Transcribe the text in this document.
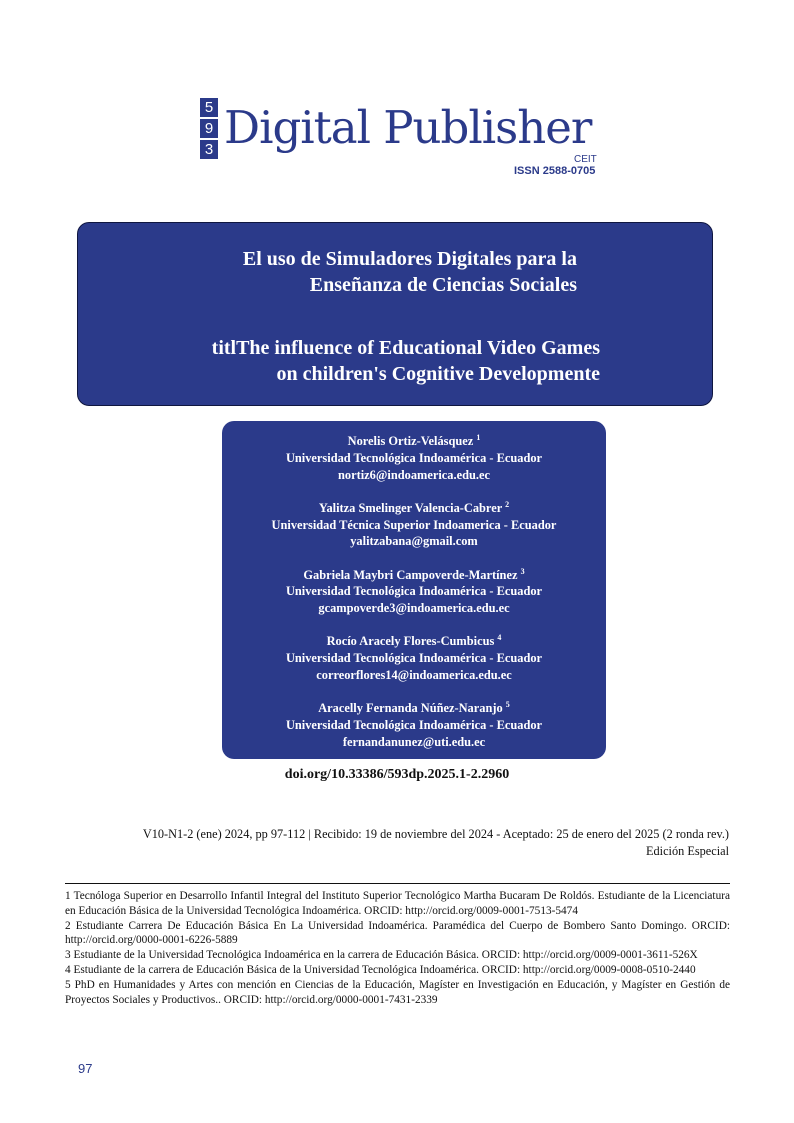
5
9
3 Digital Publisher
CEIT
ISSN 2588-0705
El uso de Simuladores Digitales para la
Enseñanza de Ciencias Sociales
titlThe influence of Educational Video Games
on children's Cognitive Developmente
Norelis Ortiz-Velásquez $^1$
Universidad Tecnológica Indoamérica - Ecuador
nortiz6@indoamerica.edu.ec
Yalitza Smelinger Valencia-Cabrer $^2$
Universidad Técnica Superior Indoamerica - Ecuador
yalitzabana@gmail.com
Gabriela Maybri Campoverde-Martínez $^3$
Universidad Tecnológica Indoamérica - Ecuador
gcampoverde3@indoamerica.edu.ec
Rocío Aracely Flores-Cumbicus $^4$
Universidad Tecnológica Indoamérica - Ecuador
correorflores14@indoamerica.edu.ec
Aracelly Fernanda Núñez-Naranjo $^5$
Universidad Tecnológica Indoamérica - Ecuador
fernandanunez@uti.edu.ec
doi.org/10.33386/593dp.2025.1-2.2960
V10-N1-2 (ene) 2024, pp 97-112 | Recibido: 19 de noviembre del 2024 - Aceptado: 25 de enero del 2025 (2 ronda rev.)
Edición Especial

1 Tecnóloga Superior en Desarrollo Infantil Integral del Instituto Superior Tecnológico Martha Bucaram De Roldós. Estudiante de la Licenciatura en Educación Básica de la Universidad Tecnológica Indoamérica. ORCID: http://orcid.org/0009-0001-7513-5474

2 Estudiante Carrera De Educación Básica En La Universidad Indoamérica. Paramédica del Cuerpo de Bombero Santo Domingo. ORCID: http://orcid.org/0000-0001-6226-5889

3 Estudiante de la Universidad Tecnológica Indoamérica en la carrera de Educación Básica. ORCID: http://orcid.org/0009-0001-3611-526X

4 Estudiante de la carrera de Educación Básica de la Universidad Tecnológica Indoamérica. ORCID: http://orcid.org/0009-0008-0510-2440

5 PhD en Humanidades y Artes con mención en Ciencias de la Educación, Magíster en Investigación en Educación, y Magíster en Gestión de Proyectos Sociales y Productivos.. ORCID: http://orcid.org/0000-0001-7431-2339

97
